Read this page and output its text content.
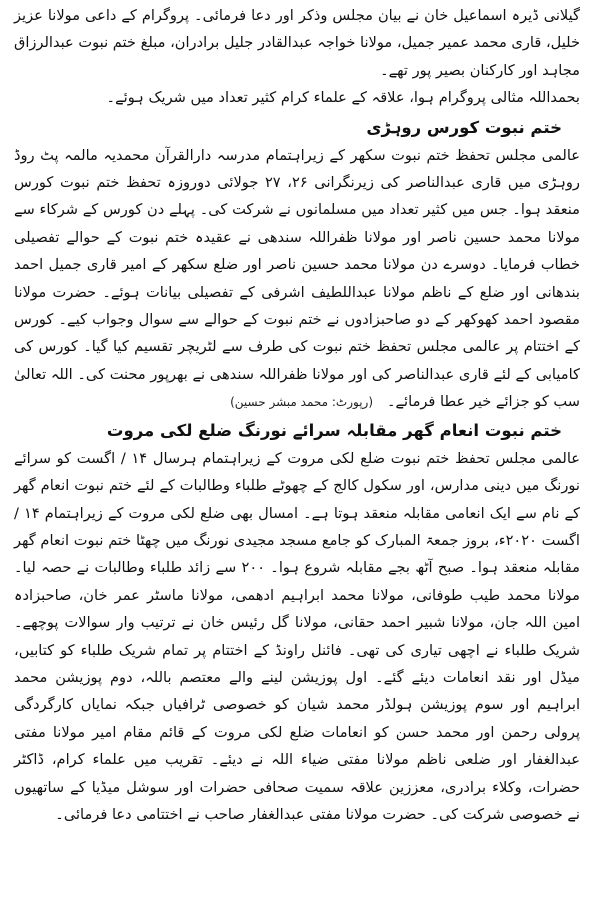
گیلانی ڈیرہ اسماعیل خان نے بیان مجلس وذکر اور دعا فرمائی۔ پروگرام کے داعی مولانا عزیز خلیل، قاری محمد عمیر جمیل، مولانا خواجہ عبدالقادر جلیل برادران، مبلغ ختم نبوت عبدالرزاق مجاہد اور کارکنان بصیر پور تھے۔

بحمداللہ مثالی پروگرام ہوا، علاقہ کے علماء کرام کثیر تعداد میں شریک ہوئے۔

ختم نبوت کورس روہڑی

عالمی مجلس تحفظ ختم نبوت سکھر کے زیراہتمام مدرسہ دارالقرآن محمدیہ مالمہ پٹ روڈ روہڑی میں قاری عبدالناصر کی زیرنگرانی ۲۶، ۲۷ جولائی دوروزہ تحفظ ختم نبوت کورس منعقد ہوا۔ جس میں کثیر تعداد میں مسلمانوں نے شرکت کی۔ پہلے دن کورس کے شرکاء سے مولانا محمد حسین ناصر اور مولانا ظفراللہ سندھی نے عقیدہ ختم نبوت کے حوالے تفصیلی خطاب فرمایا۔ دوسرے دن مولانا محمد حسین ناصر اور ضلع سکھر کے امیر قاری جمیل احمد بندھانی اور ضلع کے ناظم مولانا عبداللطیف اشرفی کے تفصیلی بیانات ہوئے۔ حضرت مولانا مقصود احمد کھوکھر کے دو صاحبزادوں نے ختم نبوت کے حوالے سے سوال وجواب کیے۔ کورس کے اختتام پر عالمی مجلس تحفظ ختم نبوت کی طرف سے لٹریچر تقسیم کیا گیا۔ کورس کی کامیابی کے لئے قاری عبدالناصر کی اور مولانا ظفراللہ سندھی نے بھرپور محنت کی۔ اللہ تعالیٰ سب کو جزائے خیر عطا فرمائے۔   (رپورٹ: محمد مبشر حسین)

ختم نبوت انعام گھر مقابلہ سرائے نورنگ ضلع لکی مروت

عالمی مجلس تحفظ ختم نبوت ضلع لکی مروت کے زیراہتمام ہرسال ۱۴ / اگست کو سرائے نورنگ میں دینی مدارس، اور سکول کالج کے چھوٹے طلباء وطالبات کے لئے ختم نبوت انعام گھر کے نام سے ایک انعامی مقابلہ منعقد ہوتا ہے۔ امسال بھی ضلع لکی مروت کے زیراہتمام ۱۴ / اگست ۲۰۲۰ء، بروز جمعۃ المبارک کو جامع مسجد مجیدی نورنگ میں چھٹا ختم نبوت انعام گھر مقابلہ منعقد ہوا۔ صبح آٹھ بجے مقابلہ شروع ہوا۔ ۲۰۰ سے زائد طلباء وطالبات نے حصہ لیا۔ مولانا محمد طیب طوفانی، مولانا محمد ابراہیم ادھمی، مولانا ماسٹر عمر خان، صاحبزادہ امین اللہ جان، مولانا شبیر احمد حقانی، مولانا گل رئیس خان نے ترتیب وار سوالات پوچھے۔ شریک طلباء نے اچھی تیاری کی تھی۔ فائنل راونڈ کے اختتام پر تمام شریک طلباء کو کتابیں، میڈل اور نقد انعامات دیئے گئے۔ اول پوزیشن لینے والے معتصم باللہ، دوم پوزیشن محمد ابراہیم اور سوم پوزیشن ہولڈر محمد شیان کو خصوصی ٹرافیاں جبکہ نمایاں کارگردگی پرولی رحمن اور محمد حسن کو انعامات ضلع لکی مروت کے قائم مقام امیر مولانا مفتی عبدالغفار اور ضلعی ناظم مولانا مفتی ضیاء اللہ نے دیئے۔ تقریب میں علماء کرام، ڈاکٹر حضرات، وکلاء برادری، معززین علاقہ سمیت صحافی حضرات اور سوشل میڈیا کے ساتھیوں نے خصوصی شرکت کی۔ حضرت مولانا مفتی عبدالغفار صاحب نے اختتامی دعا فرمائی۔
